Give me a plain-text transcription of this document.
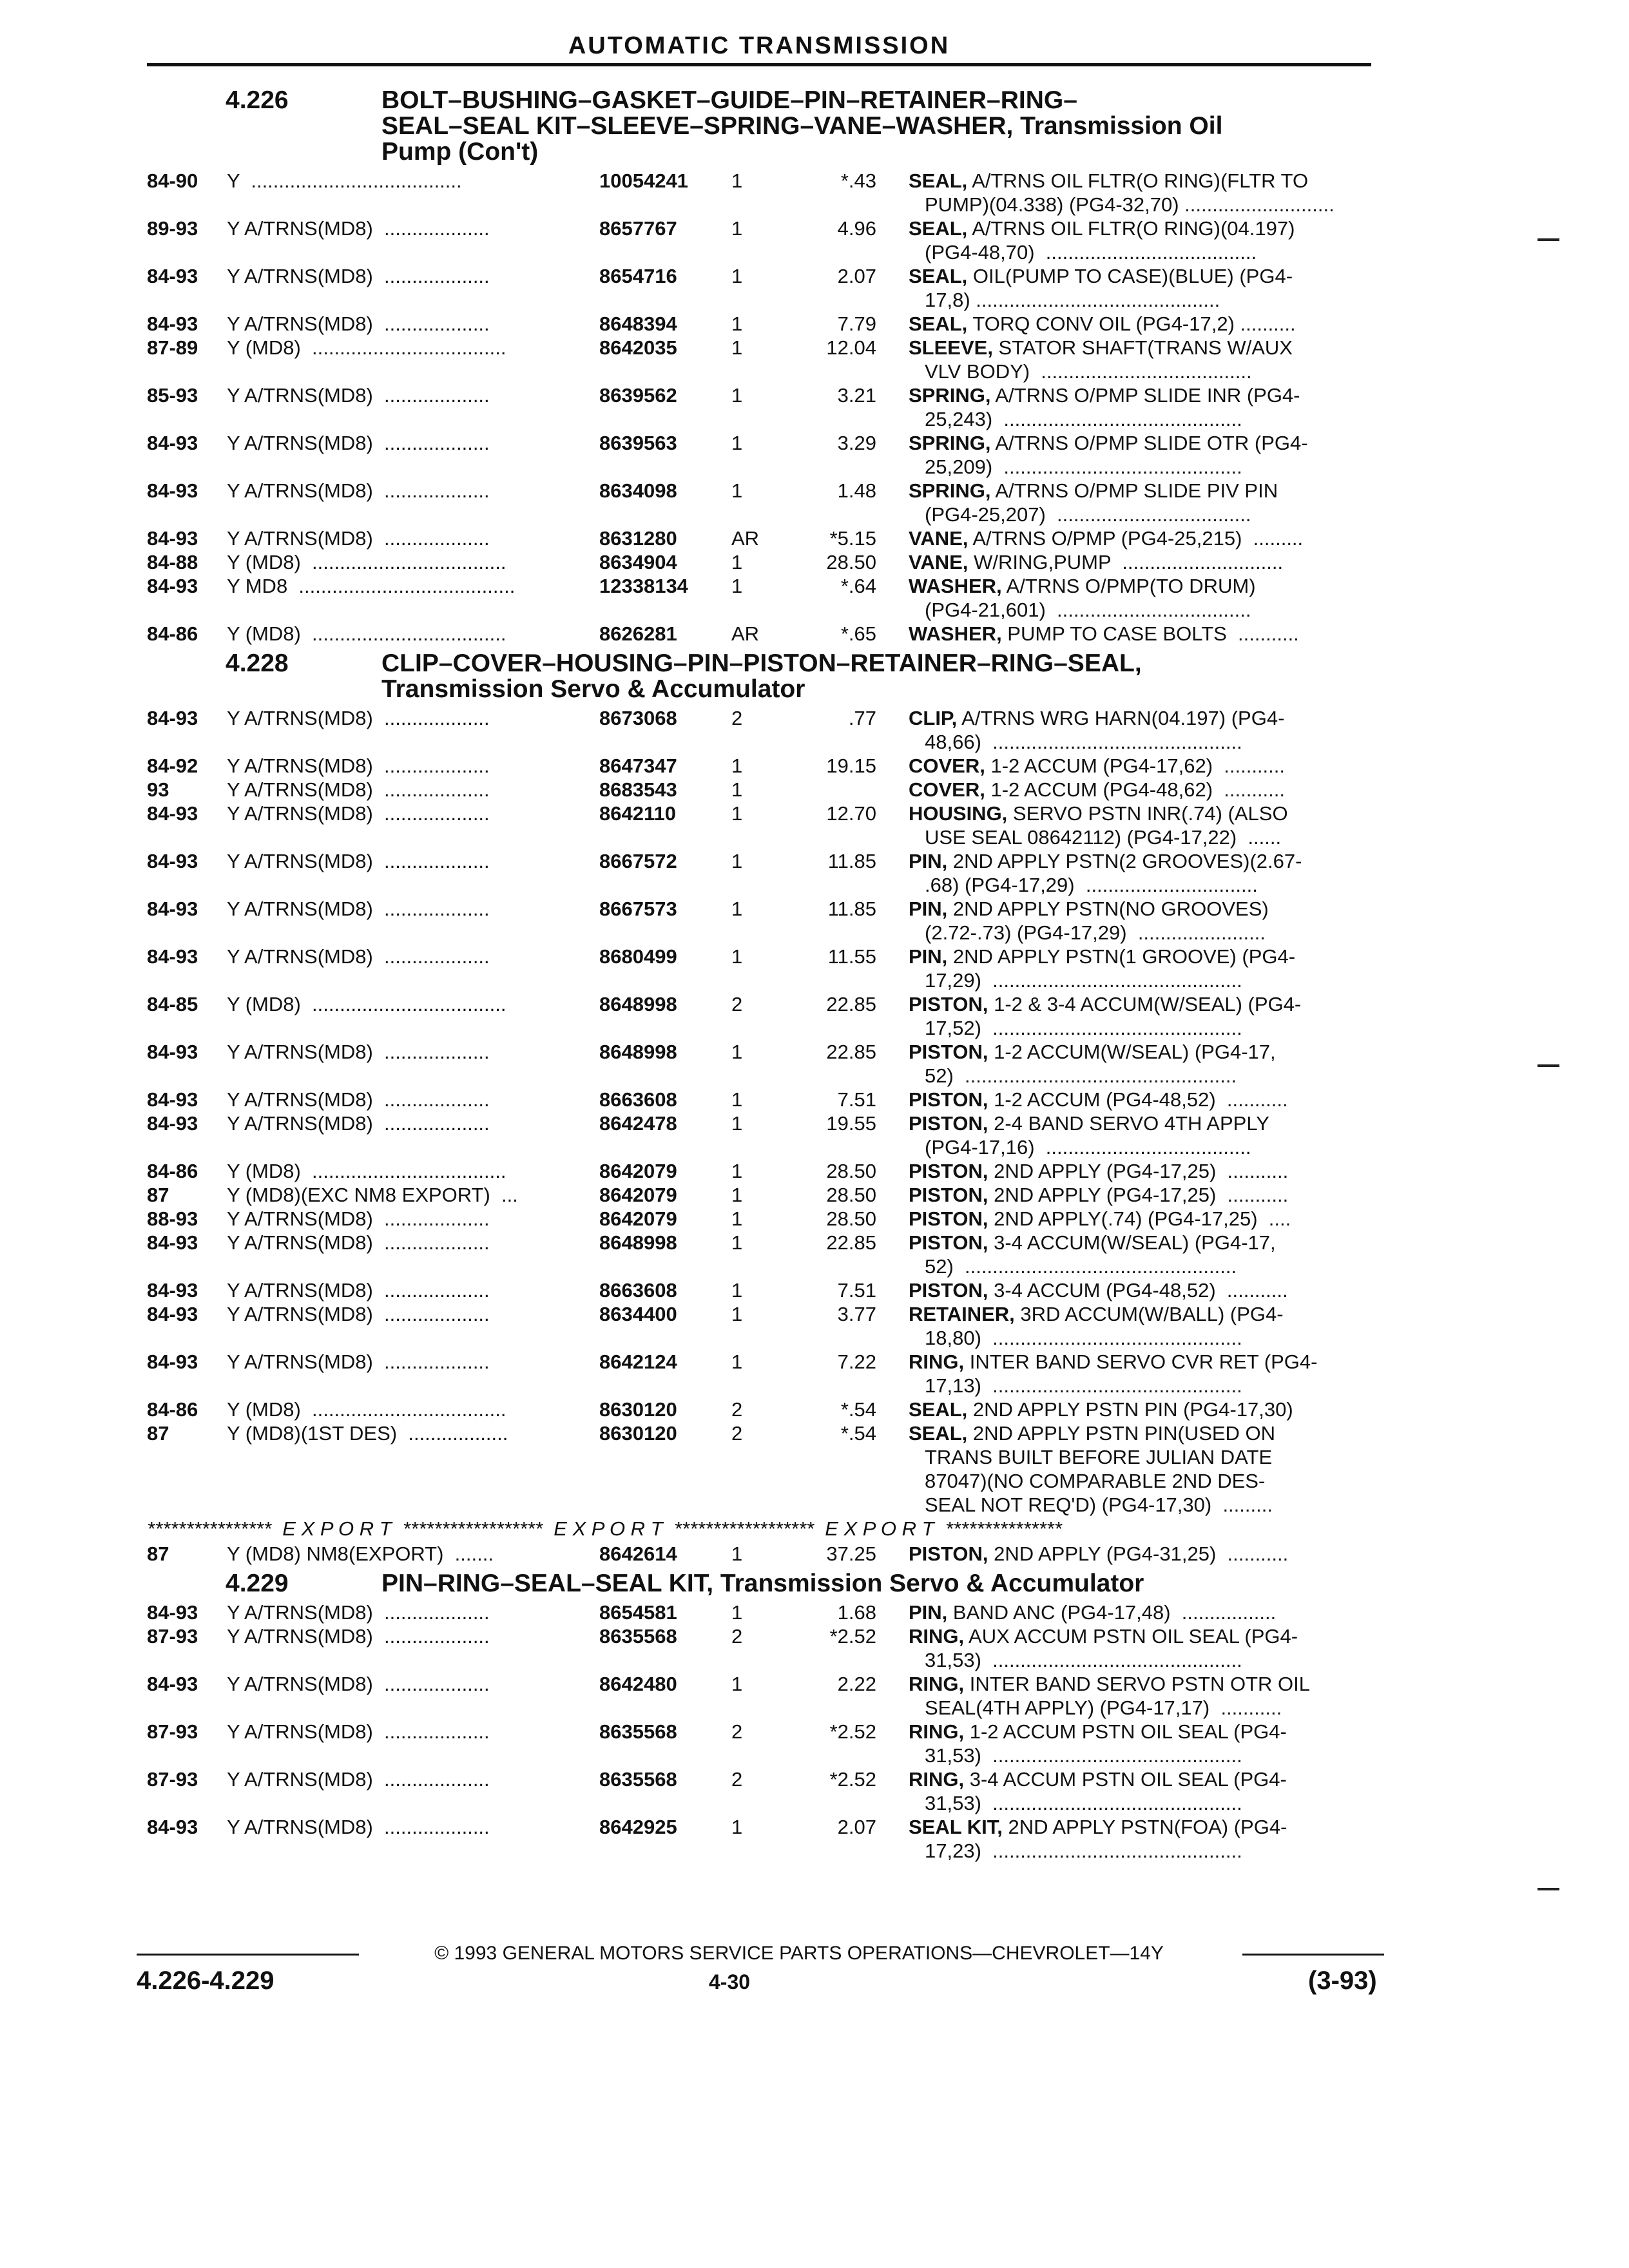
AUTOMATIC TRANSMISSION
4.226	BOLT–BUSHING–GASKET–GUIDE–PIN–RETAINER–RING–
SEAL–SEAL KIT–SLEEVE–SPRING–VANE–WASHER, Transmission Oil
Pump (Con't)
84-90 Y  ......................................	10054241 1	*.43 SEAL, A/TRNS OIL FLTR(O RING)(FLTR TO
PUMP)(04.338) (PG4-32,70) ...........................
89-93 Y A/TRNS(MD8)  ...................	8657767	1	4.96 SEAL, A/TRNS OIL FLTR(O RING)(04.197)
(PG4-48,70)  ......................................
84-93 Y A/TRNS(MD8)  ...................	8654716	1	2.07 SEAL, OIL(PUMP TO CASE)(BLUE) (PG4-
17,8) ............................................
84-93 Y A/TRNS(MD8)  ...................	8648394	1	7.79 SEAL, TORQ CONV OIL (PG4-17,2) ..........
87-89 Y (MD8)  ...................................	8642035	1	12.04 SLEEVE, STATOR SHAFT(TRANS W/AUX
VLV BODY)  ......................................
85-93 Y A/TRNS(MD8)  ...................	8639562	1	3.21 SPRING, A/TRNS O/PMP SLIDE INR (PG4-
25,243)  ...........................................
84-93 Y A/TRNS(MD8)  ...................	8639563	1	3.29 SPRING, A/TRNS O/PMP SLIDE OTR (PG4-
25,209)  ...........................................
84-93 Y A/TRNS(MD8)  ...................	8634098	1	1.48 SPRING, A/TRNS O/PMP SLIDE PIV PIN
(PG4-25,207)  ...................................
84-93 Y A/TRNS(MD8)  ...................	8631280	AR	*5.15 VANE, A/TRNS O/PMP (PG4-25,215)  .........
84-88 Y (MD8)  ...................................	8634904	1	28.50 VANE, W/RING,PUMP  .............................
84-93 Y MD8  .......................................	12338134 1	*.64 WASHER, A/TRNS O/PMP(TO DRUM)
(PG4-21,601)  ...................................
84-86 Y (MD8)  ...................................	8626281	AR	*.65 WASHER, PUMP TO CASE BOLTS  ...........
4.228	CLIP–COVER–HOUSING–PIN–PISTON–RETAINER–RING–SEAL,
Transmission Servo & Accumulator
84-93 Y A/TRNS(MD8)  ...................	8673068	2	.77 CLIP, A/TRNS WRG HARN(04.197) (PG4-
48,66)  .............................................
84-92 Y A/TRNS(MD8)  ...................	8647347	1	19.15 COVER, 1-2 ACCUM (PG4-17,62)  ...........
93	Y A/TRNS(MD8)  ...................	8683543	1	COVER, 1-2 ACCUM (PG4-48,62)  ...........
84-93 Y A/TRNS(MD8)  ...................	8642110	1	12.70 HOUSING, SERVO PSTN INR(.74) (ALSO
USE SEAL 08642112) (PG4-17,22)  ......
84-93 Y A/TRNS(MD8)  ...................	8667572	1	11.85 PIN, 2ND APPLY PSTN(2 GROOVES)(2.67-
.68) (PG4-17,29)  ...............................
84-93 Y A/TRNS(MD8)  ...................	8667573	1	11.85 PIN, 2ND APPLY PSTN(NO GROOVES)
(2.72-.73) (PG4-17,29)  .......................
84-93 Y A/TRNS(MD8)  ...................	8680499	1	11.55 PIN, 2ND APPLY PSTN(1 GROOVE) (PG4-
17,29)  .............................................
84-85 Y (MD8)  ...................................	8648998	2	22.85 PISTON, 1-2 & 3-4 ACCUM(W/SEAL) (PG4-
17,52)  .............................................
84-93 Y A/TRNS(MD8)  ...................	8648998	1	22.85 PISTON, 1-2 ACCUM(W/SEAL) (PG4-17,
52)  .................................................
84-93 Y A/TRNS(MD8)  ...................	8663608	1	7.51 PISTON, 1-2 ACCUM (PG4-48,52)  ...........
84-93 Y A/TRNS(MD8)  ...................	8642478	1	19.55 PISTON, 2-4 BAND SERVO 4TH APPLY
(PG4-17,16)  .....................................
84-86 Y (MD8)  ...................................	8642079	1	28.50 PISTON, 2ND APPLY (PG4-17,25)  ...........
87	Y (MD8)(EXC NM8 EXPORT)  ...	8642079	1	28.50 PISTON, 2ND APPLY (PG4-17,25)  ...........
88-93 Y A/TRNS(MD8)  ...................	8642079	1	28.50 PISTON, 2ND APPLY(.74) (PG4-17,25)  ....
84-93 Y A/TRNS(MD8)  ...................	8648998	1	22.85 PISTON, 3-4 ACCUM(W/SEAL) (PG4-17,
52)  .................................................
84-93 Y A/TRNS(MD8)  ...................	8663608	1	7.51 PISTON, 3-4 ACCUM (PG4-48,52)  ...........
84-93 Y A/TRNS(MD8)  ...................	8634400	1	3.77 RETAINER, 3RD ACCUM(W/BALL) (PG4-
18,80)  .............................................
84-93 Y A/TRNS(MD8)  ...................	8642124	1	7.22 RING, INTER BAND SERVO CVR RET (PG4-
17,13)  .............................................
84-86 Y (MD8)  ...................................	8630120	2	*.54 SEAL, 2ND APPLY PSTN PIN (PG4-17,30)
87	Y (MD8)(1ST DES)  ..................	8630120	2	*.54 SEAL, 2ND APPLY PSTN PIN(USED ON
TRANS BUILT BEFORE JULIAN DATE
87047)(NO COMPARABLE 2ND DES-
SEAL NOT REQ'D) (PG4-17,30)  .........
****************  E X P O R T  ******************  E X P O R T  ******************  E X P O R T  ***************
87	Y (MD8) NM8(EXPORT)  .......	8642614	1	37.25 PISTON, 2ND APPLY (PG4-31,25)  ...........
4.229	PIN–RING–SEAL–SEAL KIT, Transmission Servo & Accumulator
84-93 Y A/TRNS(MD8)  ...................	8654581	1	1.68 PIN, BAND ANC (PG4-17,48)  .................
87-93 Y A/TRNS(MD8)  ...................	8635568	2	*2.52 RING, AUX ACCUM PSTN OIL SEAL (PG4-
31,53)  .............................................
84-93 Y A/TRNS(MD8)  ...................	8642480	1	2.22 RING, INTER BAND SERVO PSTN OTR OIL
SEAL(4TH APPLY) (PG4-17,17)  ...........
87-93 Y A/TRNS(MD8)  ...................	8635568	2	*2.52 RING, 1-2 ACCUM PSTN OIL SEAL (PG4-
31,53)  .............................................
87-93 Y A/TRNS(MD8)  ...................	8635568	2	*2.52 RING, 3-4 ACCUM PSTN OIL SEAL (PG4-
31,53)  .............................................
84-93 Y A/TRNS(MD8)  ...................	8642925	1	2.07 SEAL KIT, 2ND APPLY PSTN(FOA) (PG4-
17,23)  .............................................
© 1993 GENERAL MOTORS SERVICE PARTS OPERATIONS—CHEVROLET—14Y
4.226-4.229	4-30	(3-93)
